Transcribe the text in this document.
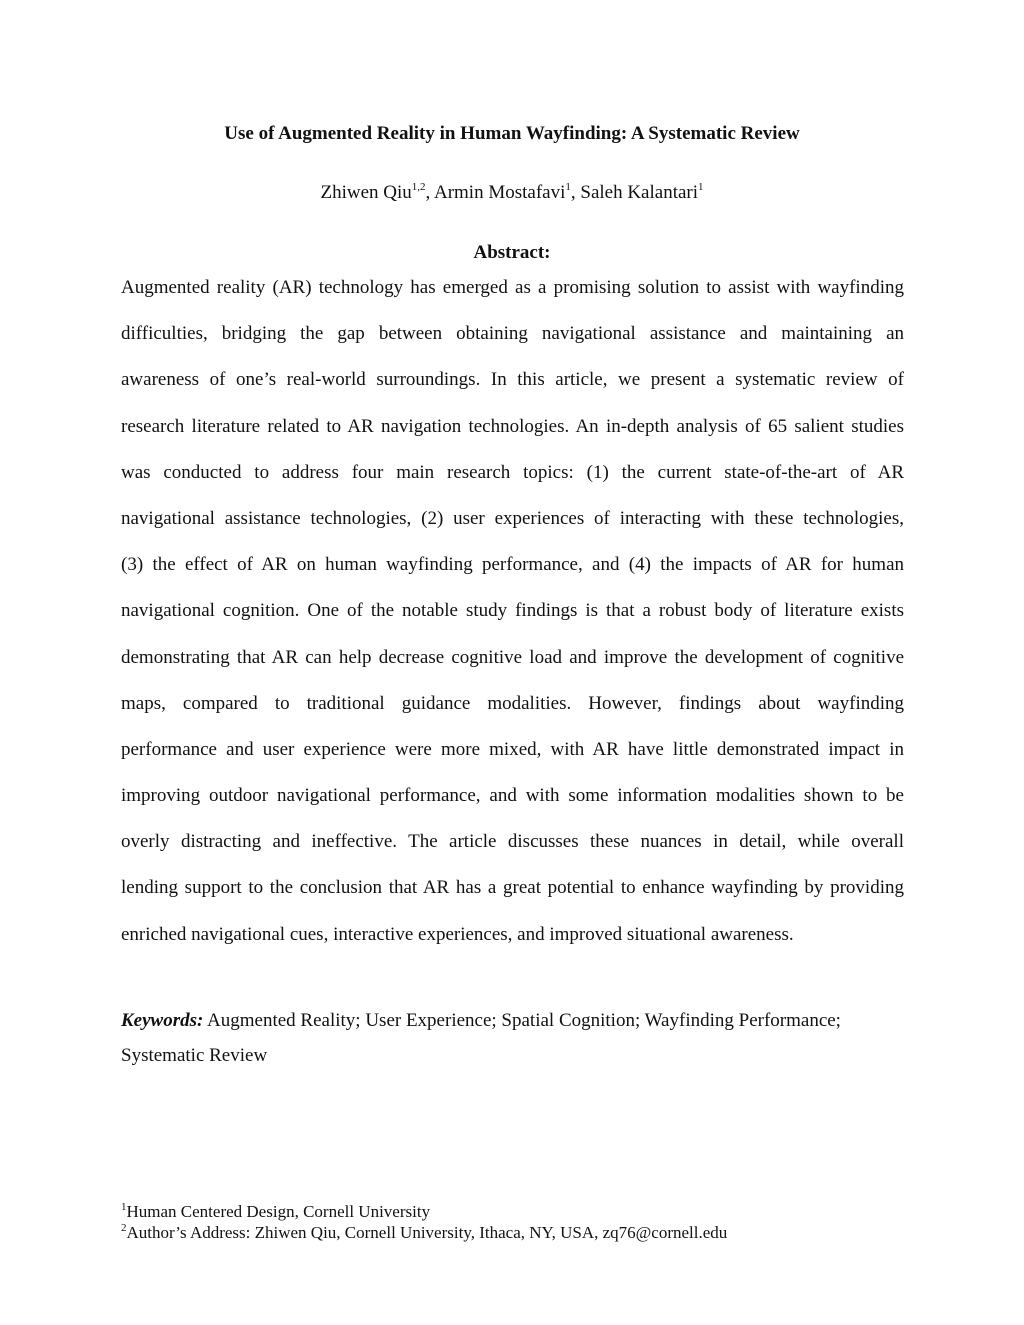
Use of Augmented Reality in Human Wayfinding: A Systematic Review
Zhiwen Qiu$^{1,2}$, Armin Mostafavi$^1$, Saleh Kalantari$^1$
Abstract:
Augmented reality (AR) technology has emerged as a promising solution to assist with wayfinding
difficulties, bridging the gap between obtaining navigational assistance and maintaining an
awareness of one’s real-world surroundings. In this article, we present a systematic review of
research literature related to AR navigation technologies. An in-depth analysis of 65 salient studies
was conducted to address four main research topics: (1) the current state-of-the-art of AR
navigational assistance technologies, (2) user experiences of interacting with these technologies,
(3) the effect of AR on human wayfinding performance, and (4) the impacts of AR for human
navigational cognition. One of the notable study findings is that a robust body of literature exists
demonstrating that AR can help decrease cognitive load and improve the development of cognitive
maps, compared to traditional guidance modalities. However, findings about wayfinding
performance and user experience were more mixed, with AR have little demonstrated impact in
improving outdoor navigational performance, and with some information modalities shown to be
overly distracting and ineffective. The article discusses these nuances in detail, while overall
lending support to the conclusion that AR has a great potential to enhance wayfinding by providing
enriched navigational cues, interactive experiences, and improved situational awareness.
Keywords: Augmented Reality; User Experience; Spatial Cognition; Wayfinding Performance; Systematic Review
$^1$Human Centered Design, Cornell University
$^2$Author’s Address: Zhiwen Qiu, Cornell University, Ithaca, NY, USA, zq76@cornell.edu
